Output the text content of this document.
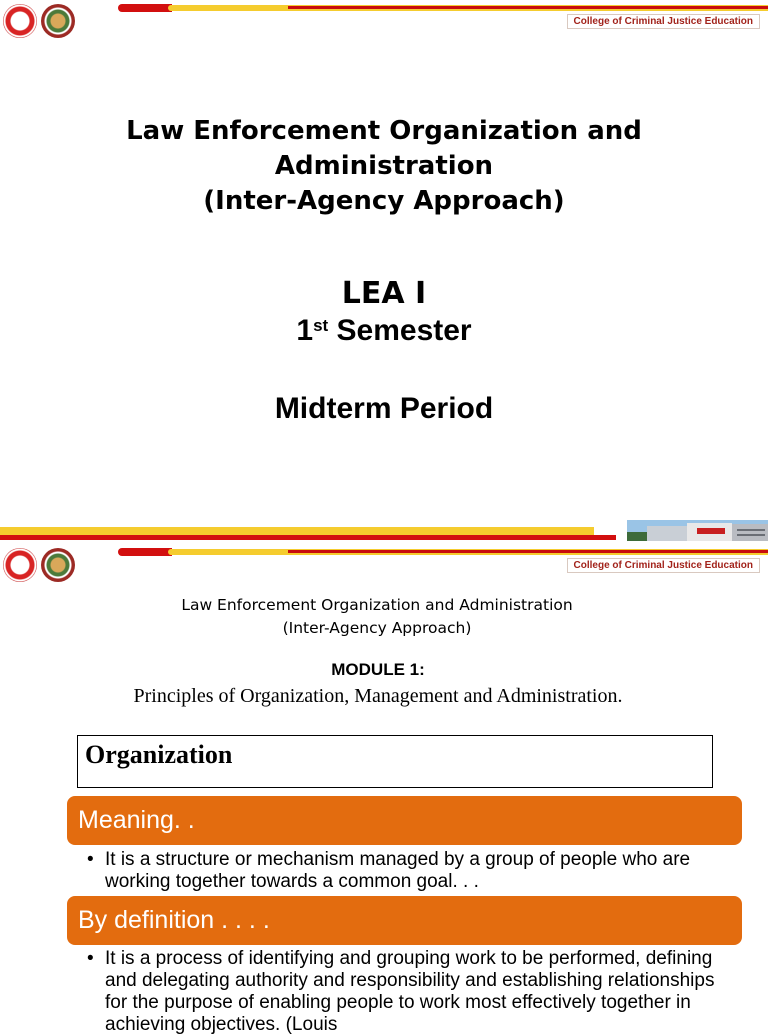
College of Criminal Justice Education
Law Enforcement Organization and
Administration
(Inter-Agency Approach)
LEA I
1st Semester
Midterm Period
College of Criminal Justice Education
Law Enforcement Organization and Administration
(Inter-Agency Approach)
MODULE 1:
Principles of Organization, Management and Administration.
Organization
Meaning. .
• It is a structure or mechanism managed by a group of people who are working together towards a common goal. . .
By definition . . . .
• It is a process of identifying and grouping work to be performed, defining and delegating authority and responsibility and establishing relationships for the purpose of enabling people to work most effectively together in achieving objectives. (Louis
